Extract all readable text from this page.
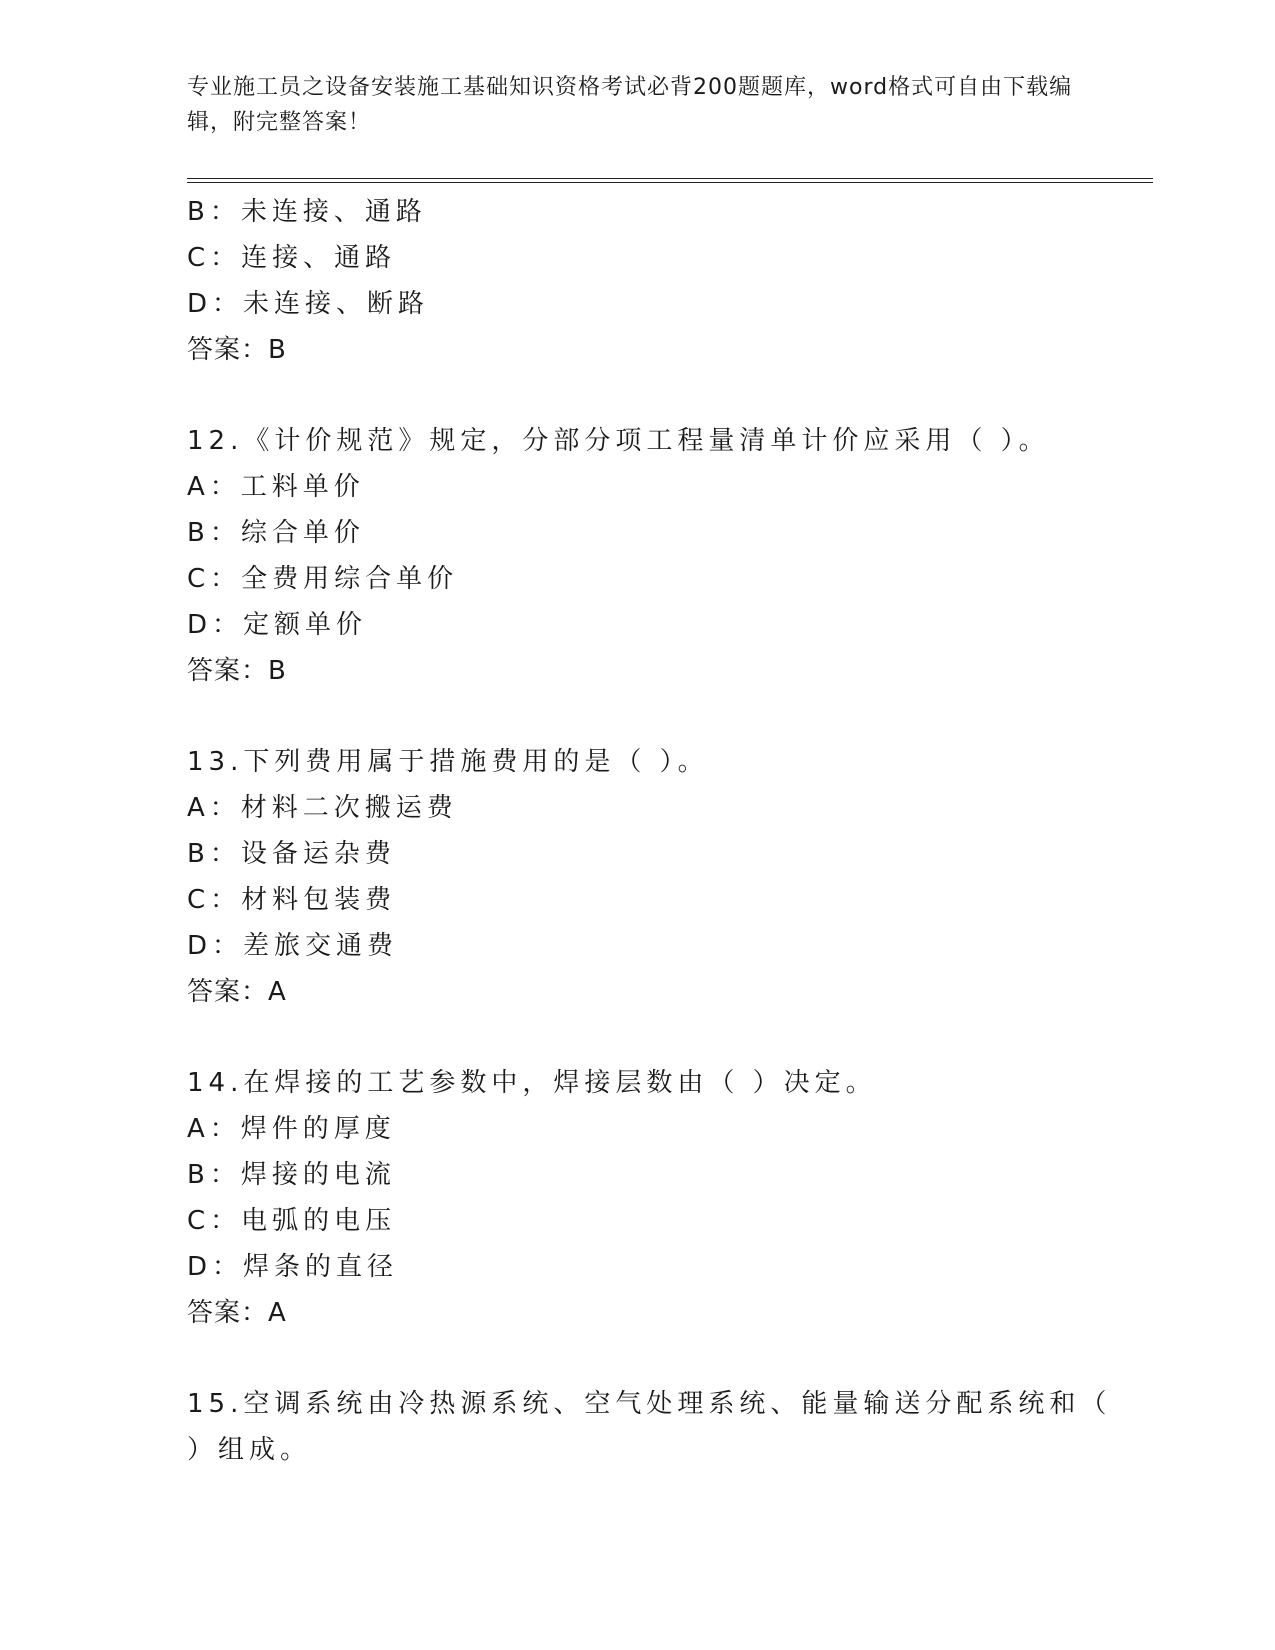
专业施工员之设备安装施工基础知识资格考试必背200题题库，word格式可自由下载编辑，附完整答案！
B：未连接、通路
C：连接、通路
D：未连接、断路
答案：B
12.《计价规范》规定，分部分项工程量清单计价应采用（ ）。
A：工料单价
B：综合单价
C：全费用综合单价
D：定额单价
答案：B
13.下列费用属于措施费用的是（ ）。
A：材料二次搬运费
B：设备运杂费
C：材料包装费
D：差旅交通费
答案：A
14.在焊接的工艺参数中，焊接层数由（ ）决定。
A：焊件的厚度
B：焊接的电流
C：电弧的电压
D：焊条的直径
答案：A
15.空调系统由冷热源系统、空气处理系统、能量输送分配系统和（
）组成。
